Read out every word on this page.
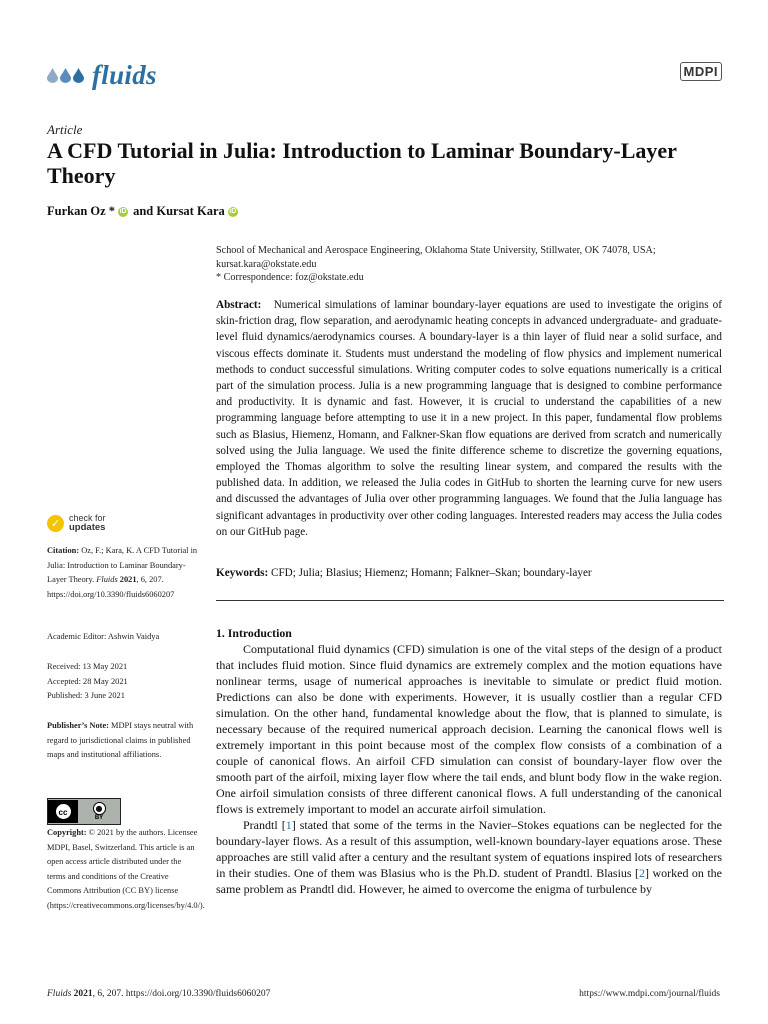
fluids	MDPI
Article
A CFD Tutorial in Julia: Introduction to Laminar Boundary-Layer Theory
Furkan Oz * iD and Kursat Kara iD
School of Mechanical and Aerospace Engineering, Oklahoma State University, Stillwater, OK 74078, USA;
kursat.kara@okstate.edu
* Correspondence: foz@okstate.edu
Abstract: Numerical simulations of laminar boundary-layer equations are used to investigate the origins of skin-friction drag, flow separation, and aerodynamic heating concepts in advanced undergraduate- and graduate-level fluid dynamics/aerodynamics courses. A boundary-layer is a thin layer of fluid near a solid surface, and viscous effects dominate it. Students must understand the modeling of flow physics and implement numerical methods to conduct successful simulations. Writing computer codes to solve equations numerically is a critical part of the simulation process. Julia is a new programming language that is designed to combine performance and productivity. It is dynamic and fast. However, it is crucial to understand the capabilities of a new programming language before attempting to use it in a new project. In this paper, fundamental flow problems such as Blasius, Hiemenz, Homann, and Falkner-Skan flow equations are derived from scratch and numerically solved using the Julia language. We used the finite difference scheme to discretize the governing equations, employed the Thomas algorithm to solve the resulting linear system, and compared the results with the published data. In addition, we released the Julia codes in GitHub to shorten the learning curve for new users and discussed the advantages of Julia over other programming languages. We found that the Julia language has significant advantages in productivity over other coding languages. Interested readers may access the Julia codes on our GitHub page.
Keywords: CFD; Julia; Blasius; Hiemenz; Homann; Falkner–Skan; boundary-layer
✓ check for
updates
Citation: Oz, F.; Kara, K. A CFD Tutorial in Julia: Introduction to Laminar Boundary-Layer Theory. Fluids 2021, 6, 207. https://doi.org/10.3390/fluids6060207
Academic Editor: Ashwin Vaidya
Received: 13 May 2021
Accepted: 28 May 2021
Published: 3 June 2021
Publisher’s Note: MDPI stays neutral with regard to jurisdictional claims in published maps and institutional affiliations.
cc	●
BY
Copyright: © 2021 by the authors. Licensee MDPI, Basel, Switzerland. This article is an open access article distributed under the terms and conditions of the Creative Commons Attribution (CC BY) license (https://creativecommons.org/licenses/by/4.0/).
1. Introduction

Computational fluid dynamics (CFD) simulation is one of the vital steps of the design of a product that includes fluid motion. Since fluid dynamics are extremely complex and the motion equations have nonlinear terms, usage of numerical approaches is inevitable to simulate or predict fluid motion. Predictions can also be done with experiments. However, it is usually costlier than a regular CFD simulation. On the other hand, fundamental knowledge about the flow, that is planned to simulate, is necessary because of the required numerical approach decision. Learning the canonical flows well is extremely important in this point because most of the complex flow consists of a combination of a couple of canonical flows. An airfoil CFD simulation can consist of boundary-layer flow over the smooth part of the airfoil, mixing layer flow where the tail ends, and blunt body flow in the wake region. One airfoil simulation consists of three different canonical flows. A full understanding of the canonical flows is extremely important to model an accurate airfoil simulation.

Prandtl [1] stated that some of the terms in the Navier–Stokes equations can be neglected for the boundary-layer flows. As a result of this assumption, well-known boundary-layer equations arose. These approaches are still valid after a century and the resultant system of equations inspired lots of researchers in their studies. One of them was Blasius who is the Ph.D. student of Prandtl. Blasius [2] worked on the same problem as Prandtl did. However, he aimed to overcome the enigma of turbulence by

Fluids 2021, 6, 207. https://doi.org/10.3390/fluids6060207	https://www.mdpi.com/journal/fluids
